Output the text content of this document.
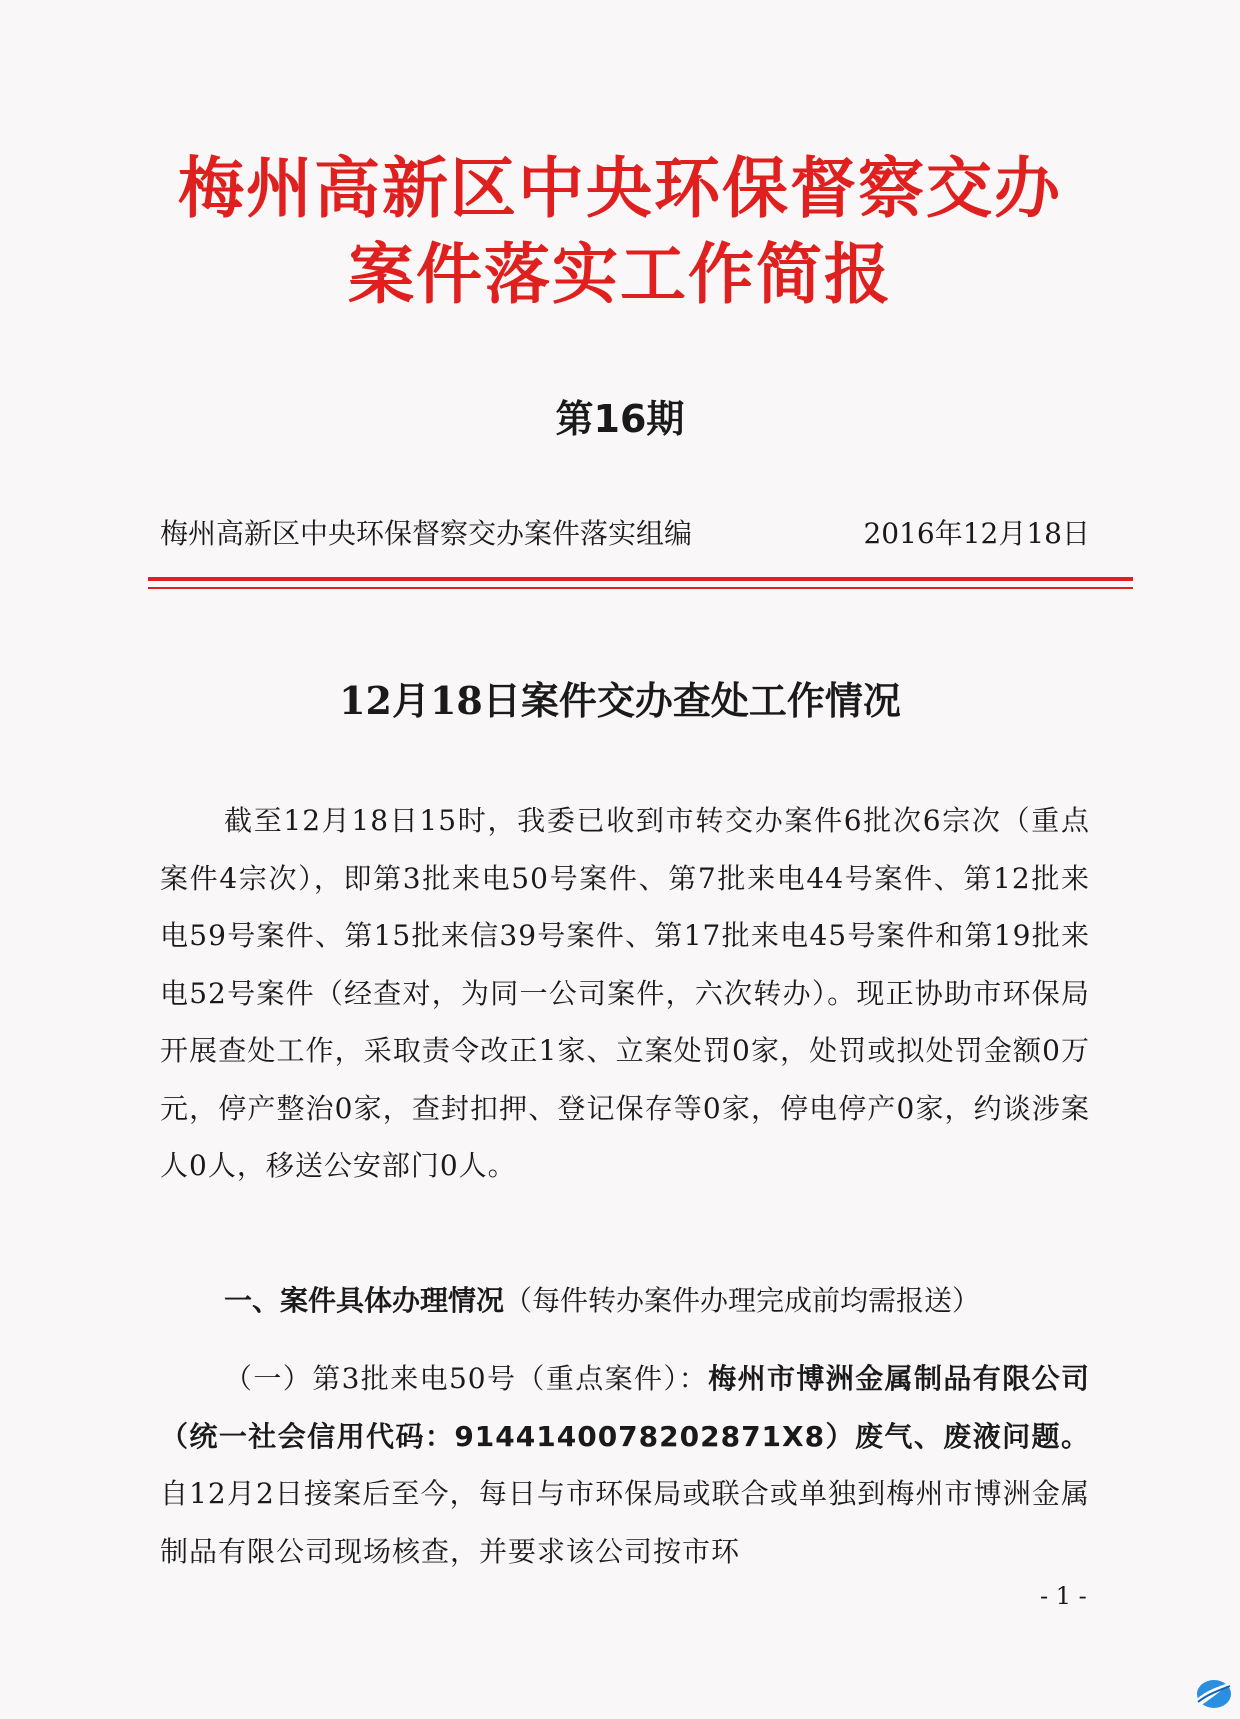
梅州高新区中央环保督察交办
案件落实工作简报
第16期
梅州高新区中央环保督察交办案件落实组编	2016年12月18日
12月18日案件交办查处工作情况
截至12月18日15时，我委已收到市转交办案件6批次6宗次（重点案件4宗次），即第3批来电50号案件、第7批来电44号案件、第12批来电59号案件、第15批来信39号案件、第17批来电45号案件和第19批来电52号案件（经查对，为同一公司案件，六次转办）。现正协助市环保局开展查处工作，采取责令改正1家、立案处罚0家，处罚或拟处罚金额0万元，停产整治0家，查封扣押、登记保存等0家，停电停产0家，约谈涉案人0人，移送公安部门0人。
一、案件具体办理情况（每件转办案件办理完成前均需报送）
（一）第3批来电50号（重点案件）：梅州市博洲金属制品有限公司（统一社会信用代码：9144140078202871X8）废气、废液问题。自12月2日接案后至今，每日与市环保局或联合或单独到梅州市博洲金属制品有限公司现场核查，并要求该公司按市环
- 1 -
